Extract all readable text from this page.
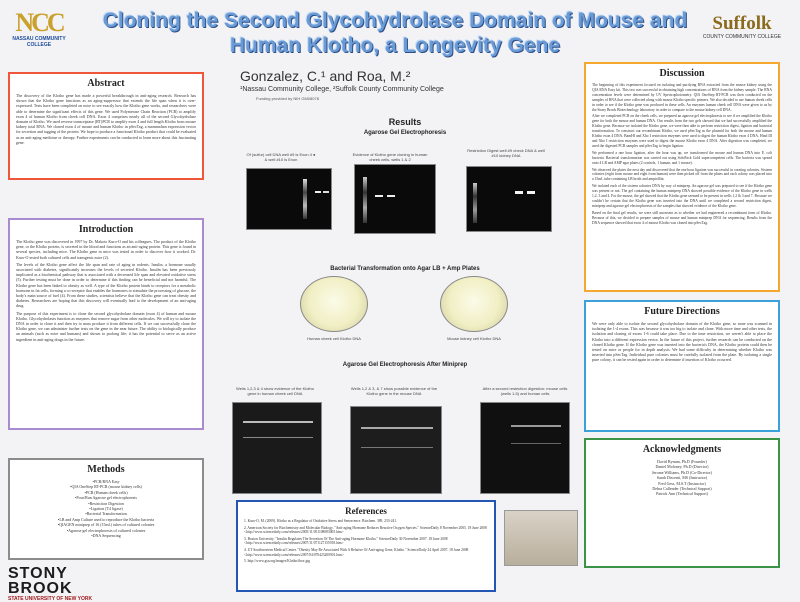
NCC
NASSAU COMMUNITY COLLEGE
Cloning the Second Glycohydrolase Domain of Mouse and Human Klotho, a Longevity Gene
Suffolk
COUNTY COMMUNITY COLLEGE
Gonzalez, C.¹ and Roa, M.²
¹Nassau Community College, ²Suffolk County Community College
Funding provided by NIH GM08078
Abstract

The discovery of the Klotho gene has made a powerful breakthrough in anti-aging research. Research has shown that the Klotho gene functions as an aging-suppressor that extends the life span when it is over-expressed. Tests have been completed on mice to see exactly how the Klotho gene works, and researchers were able to determine the significant effects of this gene. We used Polymerase Chain Reaction (PCR) to amplify exon 4 of human Klotho from cheek cell DNA. Exon 4 comprises nearly all of the second Glycohydrolase domain of Klotho. We used reverse transcriptase (RT)PCR to amplify exon 4 and full length Klotho from mouse kidney total RNA. We cloned exon 4 of mouse and human Klotho in pSecTag, a mammalian expression vector for secretion and tagging of the protein. We hope to produce a functional Klotho product that could be evaluated as an anti-aging medicine or therapy. Further experiments can be conducted to learn more about this fascinating gene.

Introduction

The Klotho gene was discovered in 1997 by Dr. Makoto Kuro-O and his colleagues. The product of the Klotho gene, or the Klotho protein, is secreted in the blood and functions as an anti-aging protein. This gene is found in several species, including mice. The Klotho gene in mice was tested in order to discover how it worked. Dr. Kuro-O tested both cultured cells and transgenic mice (2).

The levels of the Klotho gene affect the life span and rate of aging in rodents. Insulin, a hormone usually associated with diabetes, significantly increases the levels of secreted Klotho. Insulin has been previously implicated as a biochemical pathway that is associated with a decreased life span and elevated oxidative stress (5). Further testing must be done in order to determine if this finding can be beneficial and not harmful. The Klotho gene has been linked to obesity as well. A type of the Klotho protein binds to receptors for a metabolic hormone in fat cells, forming a co-receptor that enables the hormones to stimulate the processing of glucose, the body's main source of fuel (4). From these studies, scientists believe that the Klotho gene can treat obesity and diabetes. Researchers are hoping that this discovery will eventually lead to the development of an anti-aging drug.

The purpose of this experiment is to clone the second glycohydrolase domain (exon 4) of human and mouse Klotho. Glycohydrolases function as enzymes that remove sugar from other molecules. We will try to isolate the DNA in order to clone it and then try to mass produce it from different cells. If we can successfully clone the Klotho gene, we can administer further tests on the gene in the near future. The ability to biologically produce an animals (such as mice and humans) and shown to prolong life; it has the potential to serve as an active ingredient in anti-aging drugs in the future.

Methods
•PCR/RNA Easy
•QIA OneStep RT-PCR (mouse kidney cells)
•PCR (Human cheek cells)
•Pour/Run Agarose gel electrophoresis
•Restriction Digestion
•Ligation (T4 ligase)
•Bacterial Transformation
•LB and Amp Culture used to reproduce the Klotho bacteria
•QIAGEN miniprep of 16 (15ml.) tubes of cultured colonies
•Agarose gel electrophoresis of cultured colonies
•DNA Sequencing
STONY BROOK
STATE UNIVERSITY OF NEW YORK
Results
Agarose Gel Electrophoresis
Of (sulfur) cell DNA well #9 is Exon 4 ● & well #10 is Exon
Evidence of Klotho gene cloning in human cheek cells, wells 1 & 2
Restriction Digest well #9 check DNA & well #10 kidney DNA
Bacterial Transformation onto Agar LB + Amp Plates
Human cheek cell Klotho DNA	Mouse kidney cell Klotho DNA
Agarose Gel Electrophoresis After Miniprep
Wells 1,2,3 & 4 show evidence of the Klotho gene in human cheek cell DNA
Wells 1,2 & 3, & 7 show possible evidence of the Klotho gene in the mouse DNA
After a second restriction digestion: mouse cells (wells 1-5) and human cells
References

1. Kuro-O, M. (2009). Klotho as a Regulator of Oxidative Stress and Senescence. Biochem. 389, 233-241.

2. American Society for Biochemistry and Molecular Biology. "Anti-aging Hormone Reduces Reactive Oxygen Species." ScienceDaily 8 November 2005. 18 June 2008 <http://www.sciencedaily.com/releases/2005/11/051108083005.htm>

3. Boston University. "Insulin Regulates The Secretion Of The Anti-aging Hormone Klotho." ScienceDaily 30 November 2007. 18 June 2008 <http://www.sciencedaily.com/releases/2007/11/071127155918.htm>

4. UT Southwestern Medical Center. "Obesity May Be Associated With A Relative Of Anti-aging Gene, Klotho." ScienceDaily 24 April 2007. 18 June 2008 <http://www.sciencedaily.com/releases/2007/04/070423200901.htm>

5. http://www.gsa.org/images/Klotho/tbox.jpg

Discussion

The beginning of this experiment focused on isolating and purifying RNA extracted from the mouse kidney using the QIA RNA Easy kit. This test was successful in obtaining high concentrations of RNA from the kidney sample. The RNA concentration levels were determined by UV Spectrophotometry. QIA OneStep RT-PCR was then conducted on the samples of RNA that were collected along with mouse Klotho specific primers. We also decided to use human cheek cells in order to see if the Klotho gene was produced in these cells. An enzymes human cheek cell DNA were given to us by the Stony Brook Biotechnology laboratory in order to compare to the mouse kidney cell DNA.

After we completed PCR on the cheek cells, we prepared an agarose gel electrophoresis to see if we amplified the Klotho gene for both the mouse and human DNA. Our results from the two gels showed that we had successfully amplified the Klotho gene. Because we isolated the Klotho gene, we were then able to perform restriction digest, ligation and bacterial transformation. To construct our recombinant Klotho, we used pSecTag as the plasmid for both the mouse and human Klotho exon 4 DNA. BamHI and Xho I restriction enzymes were used to digest the human Klotho exon 4 DNA. Hind III and Xho I restriction enzymes were used to digest the mouse Klotho exon 4 DNA. After digestion was completed, we used the digested PCR samples and pSecTag to begin ligation.

We performed a one hour ligation, after the hour was up, we transformed the mouse and human DNA into E. coli bacteria. Bacterial transformation was carried out using SoloPack Gold supercompetent cells. The bacteria was spread onto 4 LB and AMP agar plates (2 controls, 1 human, and 1 mouse).

We observed the plates the next day and discovered that the one hour ligation was successful in creating colonies. Sixteen colonies (eight from mouse and eight from human) were then picked off from the plates and each colony was placed into a 15mL tube containing LB broth and ampicillin.

We isolated each of the sixteen colonies DNA by way of miniprep. An agarose gel was prepared to see if the Klotho gene was present or not. The gel containing the human miniprep DNA showed possible evidence of the Klotho gene in wells 1,2, 3 and 4. For the mouse, the gel showed that the Klotho gene seemed to be present in wells 1,2 & 3 and 7. Because we couldn't be certain that the Klotho gene was inserted into the DNA until we completed a second restriction digest, miniprep and agarose gel electrophoresis of the samples that showed evidence of the Klotho gene.

Based on the final gel results, we were still uncertain as to whether we had engineered a recombinant form of Klotho. Because of this, we decided to prepare samples of mouse and human miniprep DNA for sequencing. Results from the DNA sequence showed that exon 4 of mouse Klotho was cloned into pSecTag.

Future Directions

We were only able to isolate the second glycohydrolase domain of the Klotho gene, so none was scanned in isolating the 1-4 exons. This was because it was too big to isolate and clone. With more time and other tests, the isolation and cloning of exons 1-6 could take place. Due to the time restriction, we weren't able to place the Klotho into a different expression vector. In the future of this project, further research can be conducted on the cloned Klotho gene. If the Klotho gene was inserted into the bacteria's DNA, the Klotho protein could then be tested on mice or people for in depth analysis. We had some difficulty in determining whether Klotho was inserted into pSecTag. Individual pure colonies must be carefully isolated from the plate. By isolating a single pure colony, it can be tested again in order to determine if insertion of Klotho occurred.

Acknowledgments
David Bynum, Ph.D (Founder)
Daniel Moloney, Ph.D (Director)
Jerome Williams, Ph.D (Co-Director)
Sarah Discenti, MS (Instructor)
Fred Gess, M.S.T (Instructor)
Debra Callender (Technical Support)
Patrick Ann (Technical Support)
